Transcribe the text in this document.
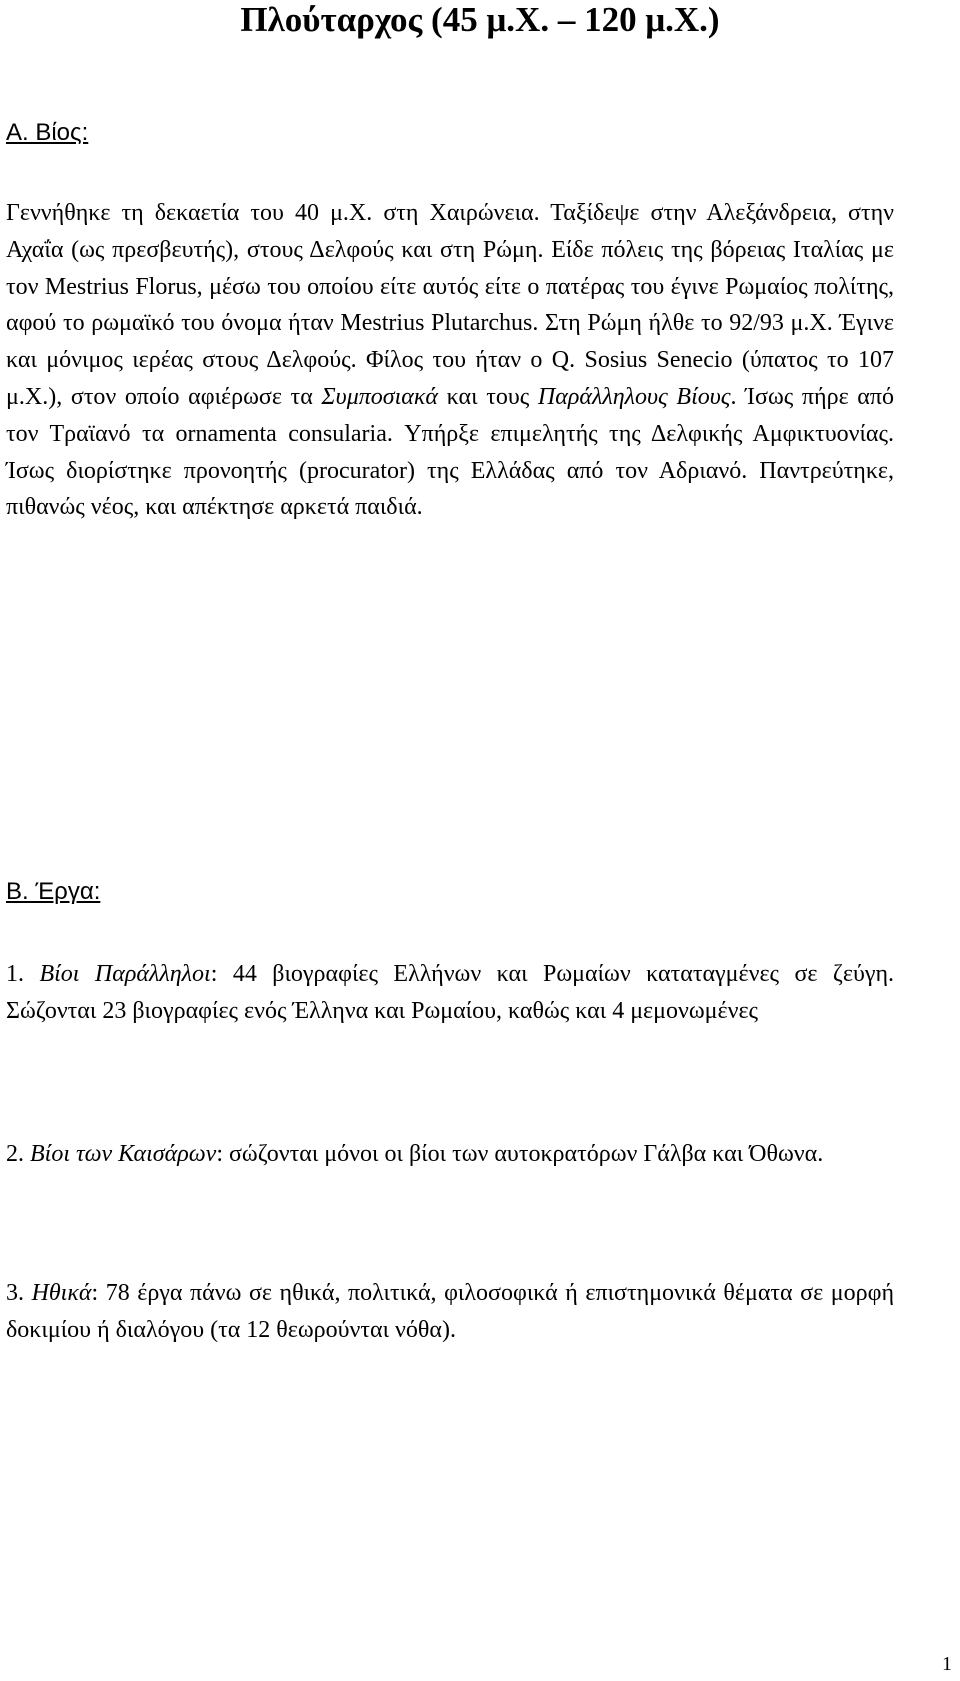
Πλούταρχος (45 μ.Χ. – 120 μ.Χ.)
Α. Βίος:
Γεννήθηκε τη δεκαετία του 40 μ.Χ. στη Χαιρώνεια. Ταξίδεψε στην Αλεξάνδρεια, στην Αχαΐα (ως πρεσβευτής), στους Δελφούς και στη Ρώμη. Είδε πόλεις της βόρειας Ιταλίας με τον Mestrius Florus, μέσω του οποίου είτε αυτός είτε ο πατέρας του έγινε Ρωμαίος πολίτης, αφού το ρωμαϊκό του όνομα ήταν Mestrius Plutarchus. Στη Ρώμη ήλθε το 92/93 μ.Χ. Έγινε και μόνιμος ιερέας στους Δελφούς. Φίλος του ήταν ο Q. Sosius Senecio (ύπατος το 107 μ.Χ.), στον οποίο αφιέρωσε τα Συμποσιακά και τους Παράλληλους Βίους. Ίσως πήρε από τον Τραϊανό τα ornamenta consularia. Υπήρξε επιμελητής της Δελφικής Αμφικτυονίας. Ίσως διορίστηκε προνοητής (procurator) της Ελλάδας από τον Αδριανό. Παντρεύτηκε, πιθανώς νέος, και απέκτησε αρκετά παιδιά.
Β. Έργα:
1. Βίοι Παράλληλοι: 44 βιογραφίες Ελλήνων και Ρωμαίων καταταγμένες σε ζεύγη. Σώζονται 23 βιογραφίες ενός Έλληνα και Ρωμαίου, καθώς και 4 μεμονωμένες
2. Βίοι των Καισάρων: σώζονται μόνοι οι βίοι των αυτοκρατόρων Γάλβα και Όθωνα.
3. Ηθικά: 78 έργα πάνω σε ηθικά, πολιτικά, φιλοσοφικά ή επιστημονικά θέματα σε μορφή δοκιμίου ή διαλόγου (τα 12 θεωρούνται νόθα).
1
